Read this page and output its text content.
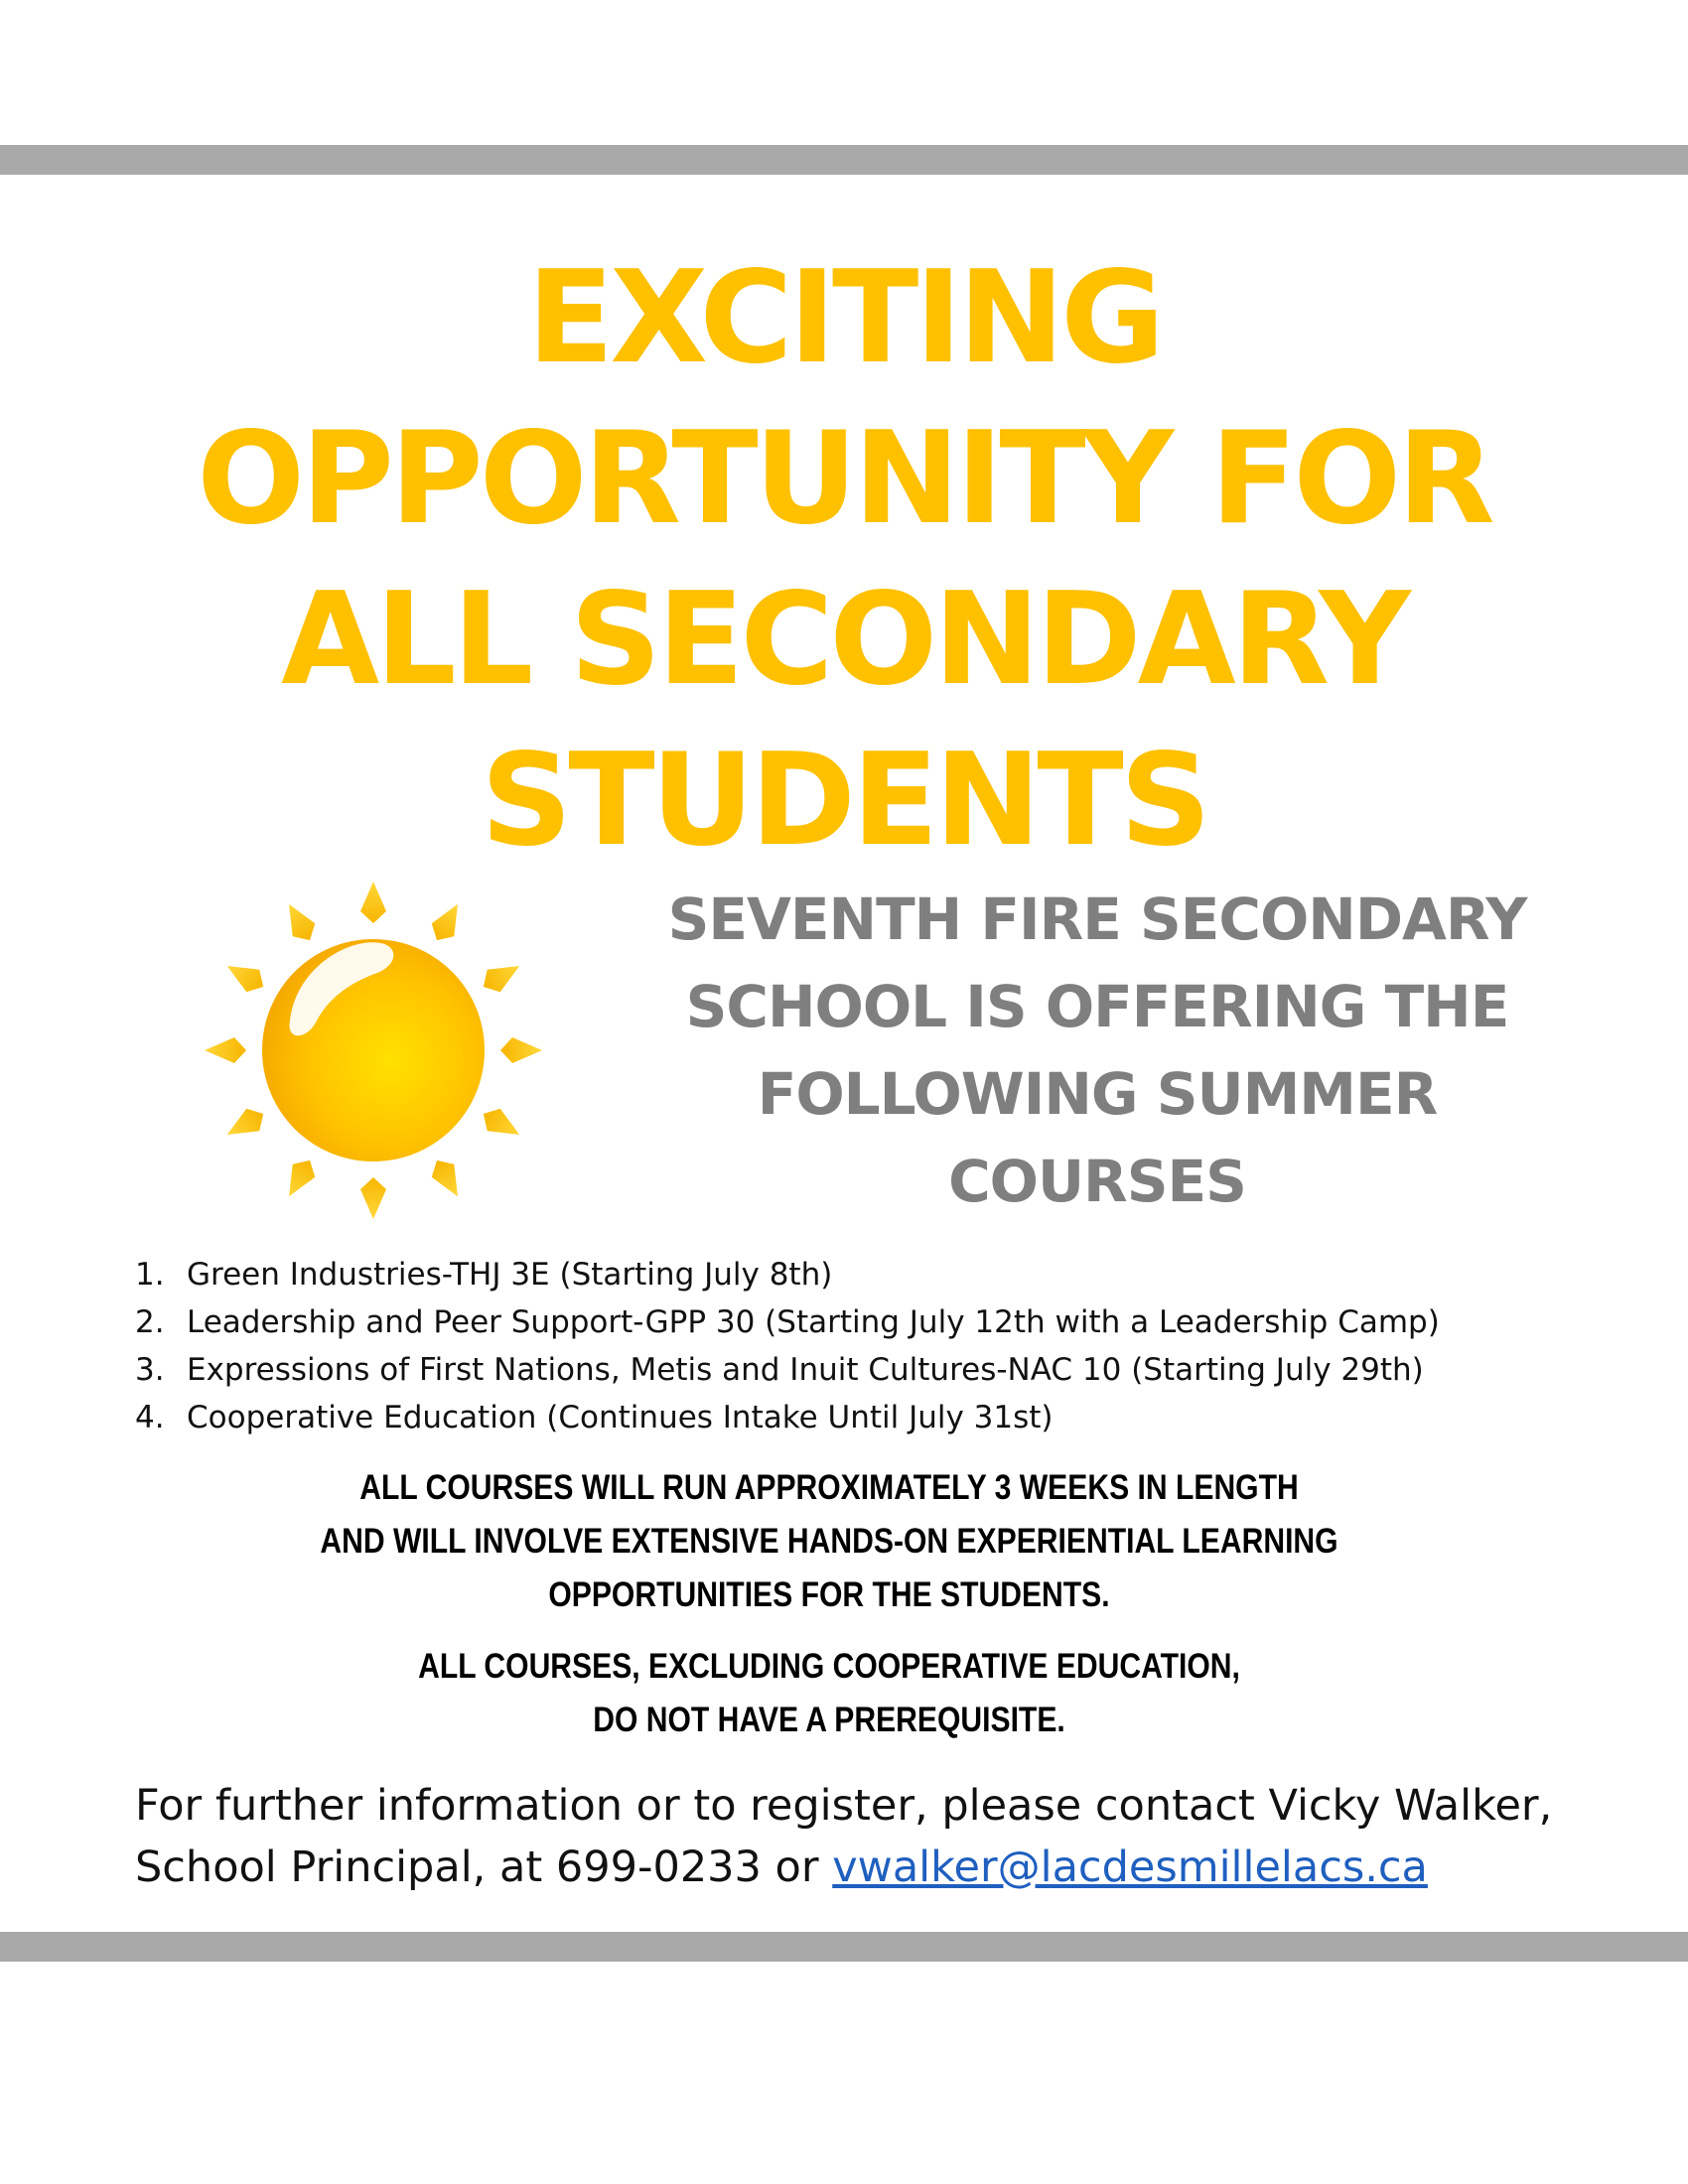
EXCITING
OPPORTUNITY FOR
ALL SECONDARY
STUDENTS
SEVENTH FIRE SECONDARY
SCHOOL IS OFFERING THE
FOLLOWING SUMMER
COURSES
1. Green Industries-THJ 3E (Starting July 8th)
2. Leadership and Peer Support-GPP 30 (Starting July 12th with a Leadership Camp)
3. Expressions of First Nations, Metis and Inuit Cultures-NAC 10 (Starting July 29th)
4. Cooperative Education (Continues Intake Until July 31st)
ALL COURSES WILL RUN APPROXIMATELY 3 WEEKS IN LENGTH
AND WILL INVOLVE EXTENSIVE HANDS-ON EXPERIENTIAL LEARNING
OPPORTUNITIES FOR THE STUDENTS.
ALL COURSES, EXCLUDING COOPERATIVE EDUCATION,
DO NOT HAVE A PREREQUISITE.
For further information or to register, please contact Vicky Walker,
School Principal, at 699-0233 or vwalker@lacdesmillelacs.ca
